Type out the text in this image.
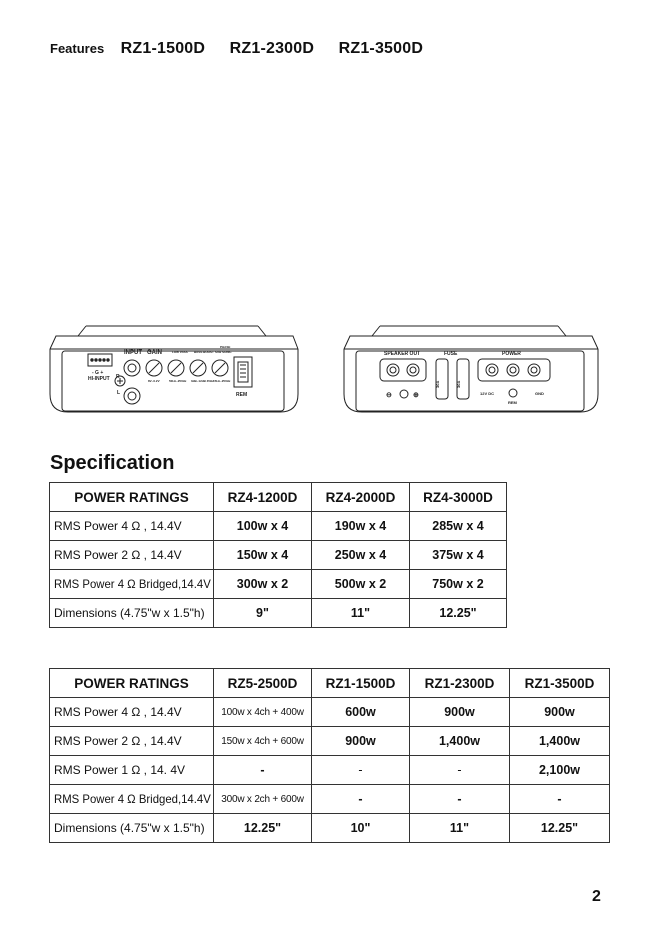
Features RZ1-1500D RZ1-2300D RZ1-3500D
INPUT GAIN	LOW PASS BASS BOOST SUB SONIC
PHASE
8V~0.2V	50Hz~250Hz 0dB~12dB 45Hz 15Hz~250Hz
- G +
HI-INPUT R
L	REM
SPEAKER OUT	FUSE	POWER
30A	30A
12V DC	GND
REM
⊖	⊕
Specification
POWER RATINGS	RZ4-1200D	RZ4-2000D	RZ4-3000D
RMS Power 4 Ω , 14.4V	100w x 4	190w x 4	285w x 4
RMS Power 2 Ω , 14.4V	150w x 4	250w x 4	375w x 4
RMS Power 4 Ω Bridged,14.4V	300w x 2	500w x 2	750w x 2
Dimensions (4.75"w x 1.5"h)	9"	11"	12.25"
POWER RATINGS	RZ5-2500D	RZ1-1500D	RZ1-2300D	RZ1-3500D
RMS Power 4 Ω , 14.4V	100w x 4ch + 400w	600w	900w	900w
RMS Power 2 Ω , 14.4V	150w x 4ch + 600w	900w	1,400w	1,400w
RMS Power 1 Ω , 14. 4V	-	-	-	2,100w
RMS Power 4 Ω Bridged,14.4V	300w x 2ch + 600w	-	-	-
Dimensions (4.75"w x 1.5"h)	12.25"	10"	11"	12.25"
2
